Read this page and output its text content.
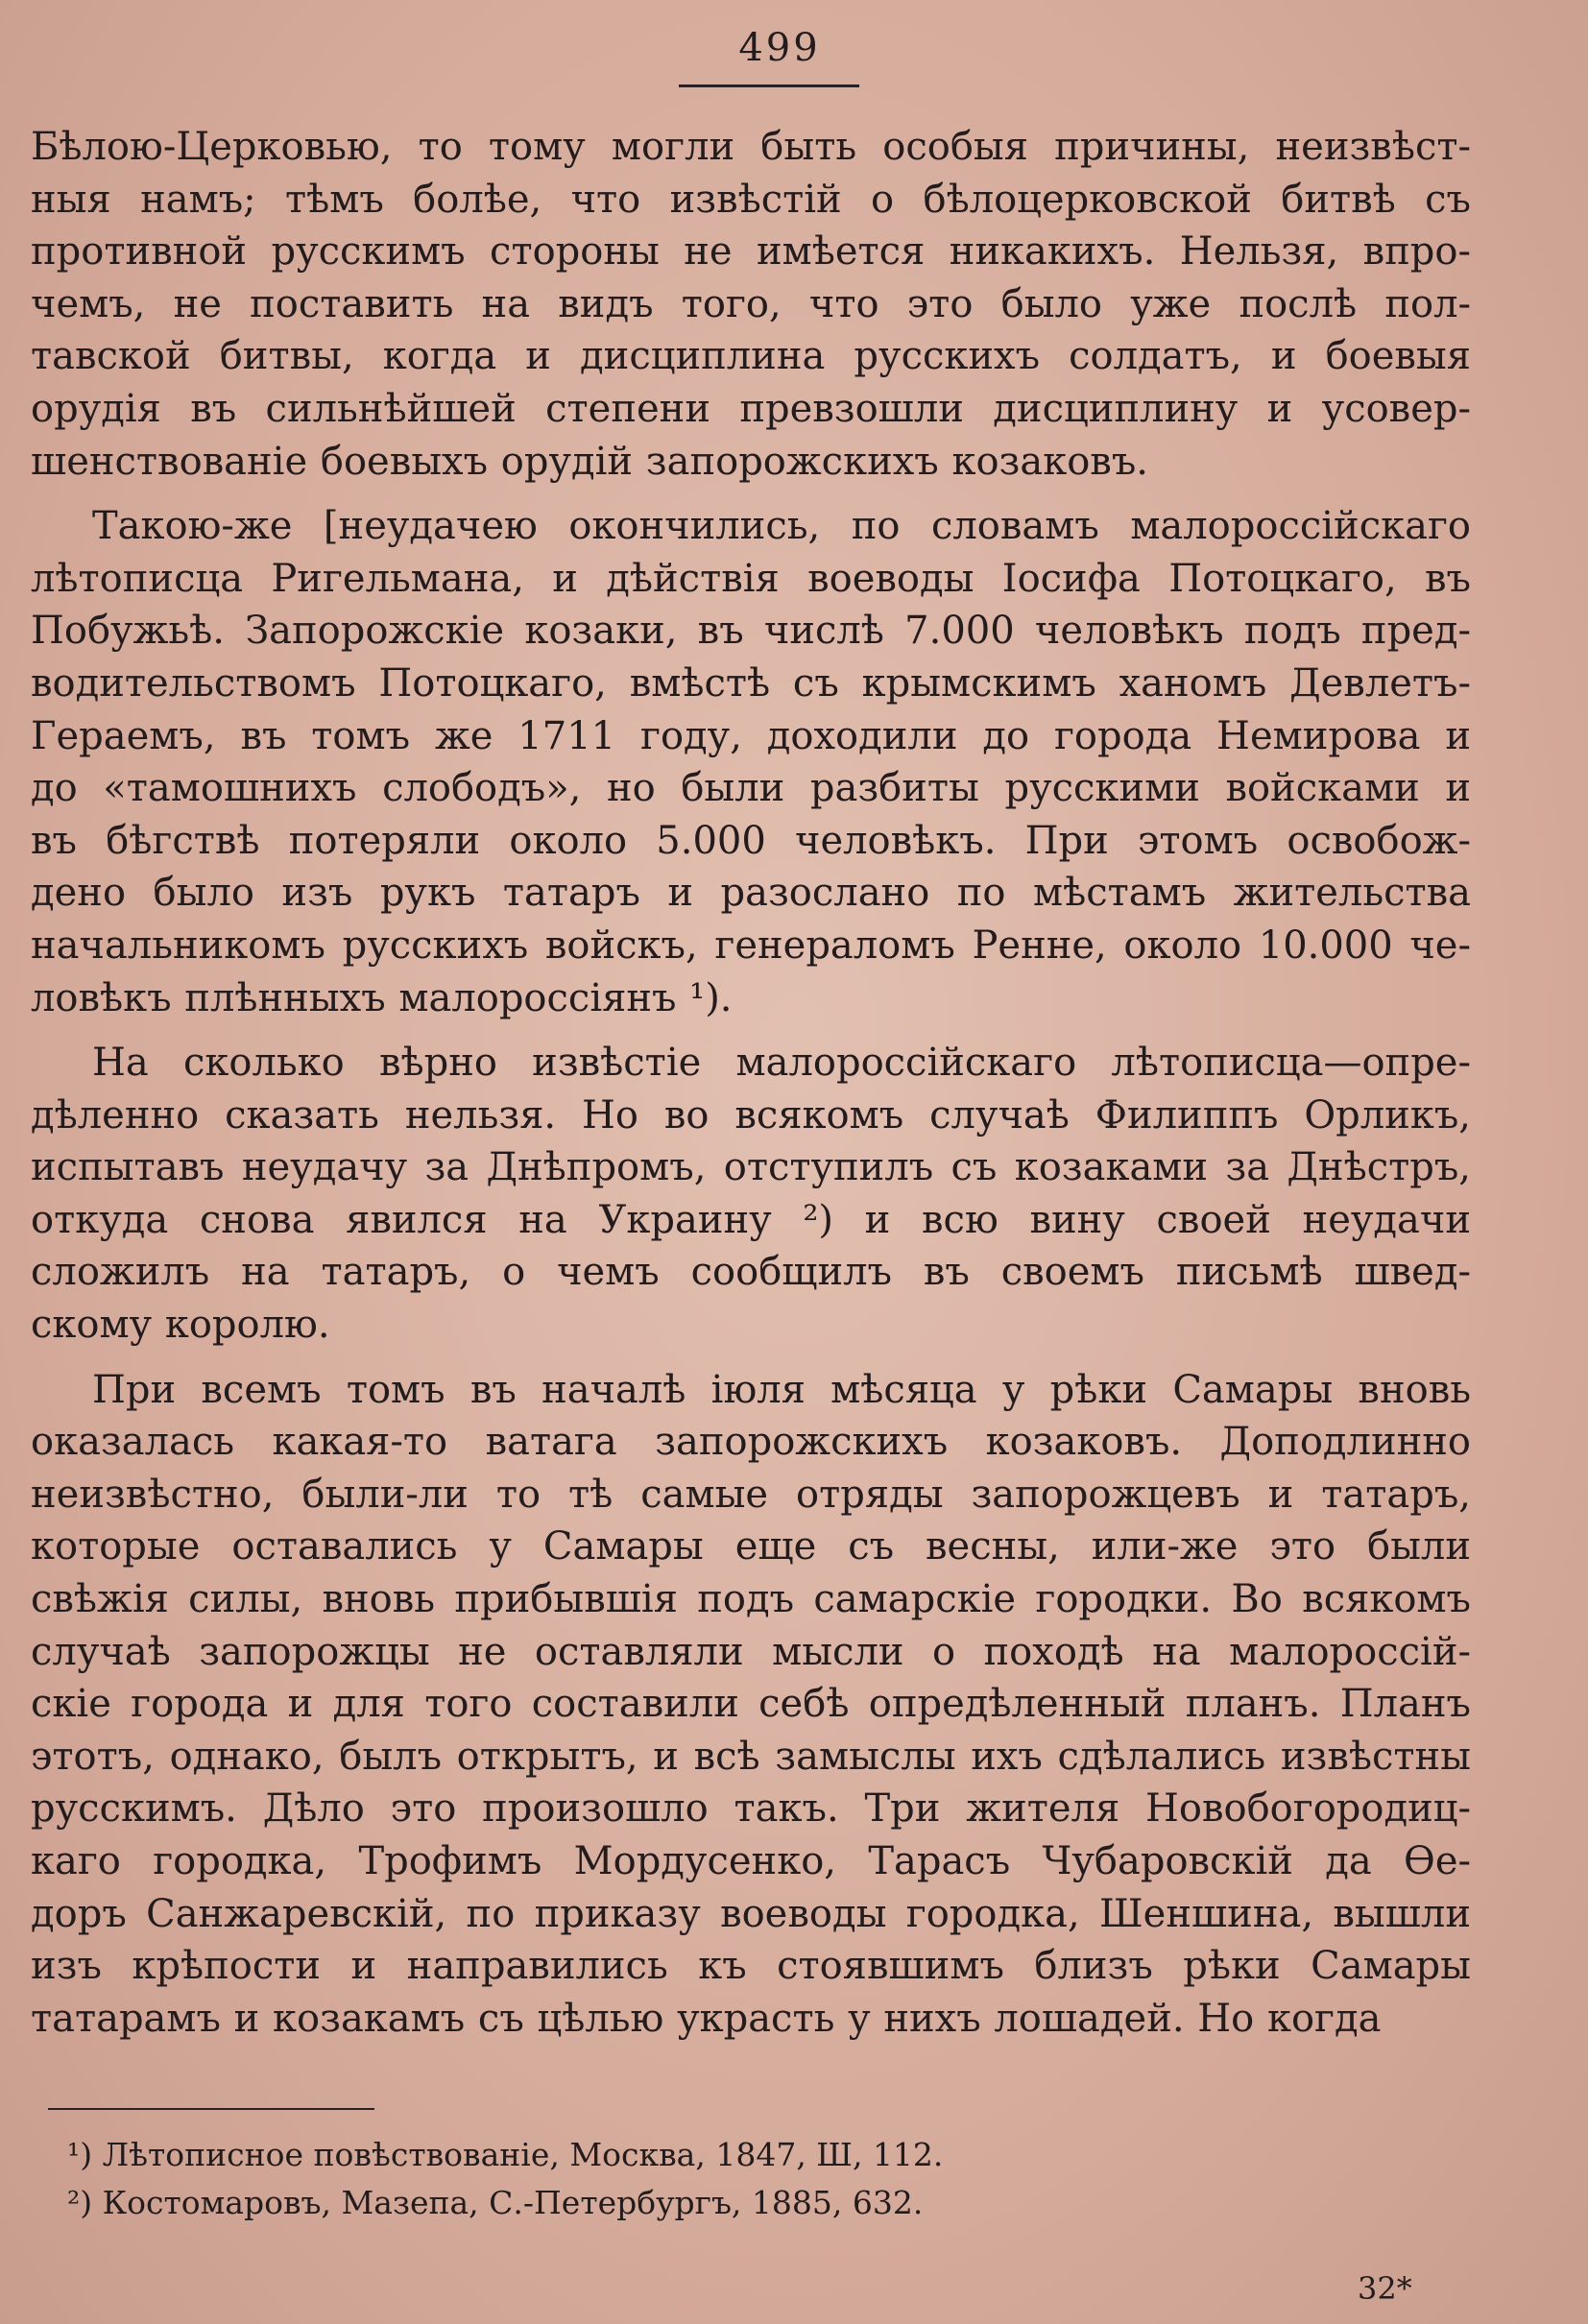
499

Бѣлою-Церковью, то тому могли быть особыя причины, неизвѣст-
ныя намъ; тѣмъ болѣе, что извѣстій о бѣлоцерковской битвѣ съ
противной русскимъ стороны не имѣется никакихъ. Нельзя, впро-
чемъ, не поставить на видъ того, что это было уже послѣ пол-
тавской битвы, когда и дисциплина русскихъ солдатъ, и боевыя
орудія въ сильнѣйшей степени превзошли дисциплину и усовер-
шенствованіе боевыхъ орудій запорожскихъ козаковъ.

Такою-же [неудачею окончились, по словамъ малороссійскаго
лѣтописца Ригельмана, и дѣйствія воеводы Іосифа Потоцкаго, въ
Побужьѣ. Запорожскіе козаки, въ числѣ 7.000 человѣкъ подъ пред-
водительствомъ Потоцкаго, вмѣстѣ съ крымскимъ ханомъ Девлетъ-
Гераемъ, въ томъ же 1711 году, доходили до города Немирова и
до «тамошнихъ слободъ», но были разбиты русскими войсками и
въ бѣгствѣ потеряли около 5.000 человѣкъ. При этомъ освобож-
дено было изъ рукъ татаръ и разослано по мѣстамъ жительства
начальникомъ русскихъ войскъ, генераломъ Ренне, около 10.000 че-
ловѣкъ плѣнныхъ малороссіянъ ¹).

На сколько вѣрно извѣстіе малороссійскаго лѣтописца—опре-
дѣленно сказать нельзя. Но во всякомъ случаѣ Филиппъ Орликъ,
испытавъ неудачу за Днѣпромъ, отступилъ съ козаками за Днѣстръ,
откуда снова явился на Украину ²) и всю вину своей неудачи
сложилъ на татаръ, о чемъ сообщилъ въ своемъ письмѣ швед-
скому королю.

При всемъ томъ въ началѣ іюля мѣсяца у рѣки Самары вновь
оказалась какая-то ватага запорожскихъ козаковъ. Доподлинно
неизвѣстно, были-ли то тѣ самые отряды запорожцевъ и татаръ,
которые оставались у Самары еще съ весны, или-же это были
свѣжія силы, вновь прибывшія подъ самарскіе городки. Во всякомъ
случаѣ запорожцы не оставляли мысли о походѣ на малороссій-
скіе города и для того составили себѣ опредѣленный планъ. Планъ
этотъ, однако, былъ открытъ, и всѣ замыслы ихъ сдѣлались извѣстны
русскимъ. Дѣло это произошло такъ. Три жителя Новобогородиц-
каго городка, Трофимъ Мордусенко, Тарасъ Чубаровскій да Ѳе-
доръ Санжаревскій, по приказу воеводы городка, Шеншина, вышли
изъ крѣпости и направились къ стоявшимъ близъ рѣки Самары
татарамъ и козакамъ съ цѣлью украсть у нихъ лошадей. Но когда

¹) Лѣтописное повѣствованіе, Москва, 1847, Ш, 112.
²) Костомаровъ, Мазепа, С.-Петербургъ, 1885, 632.
32*
